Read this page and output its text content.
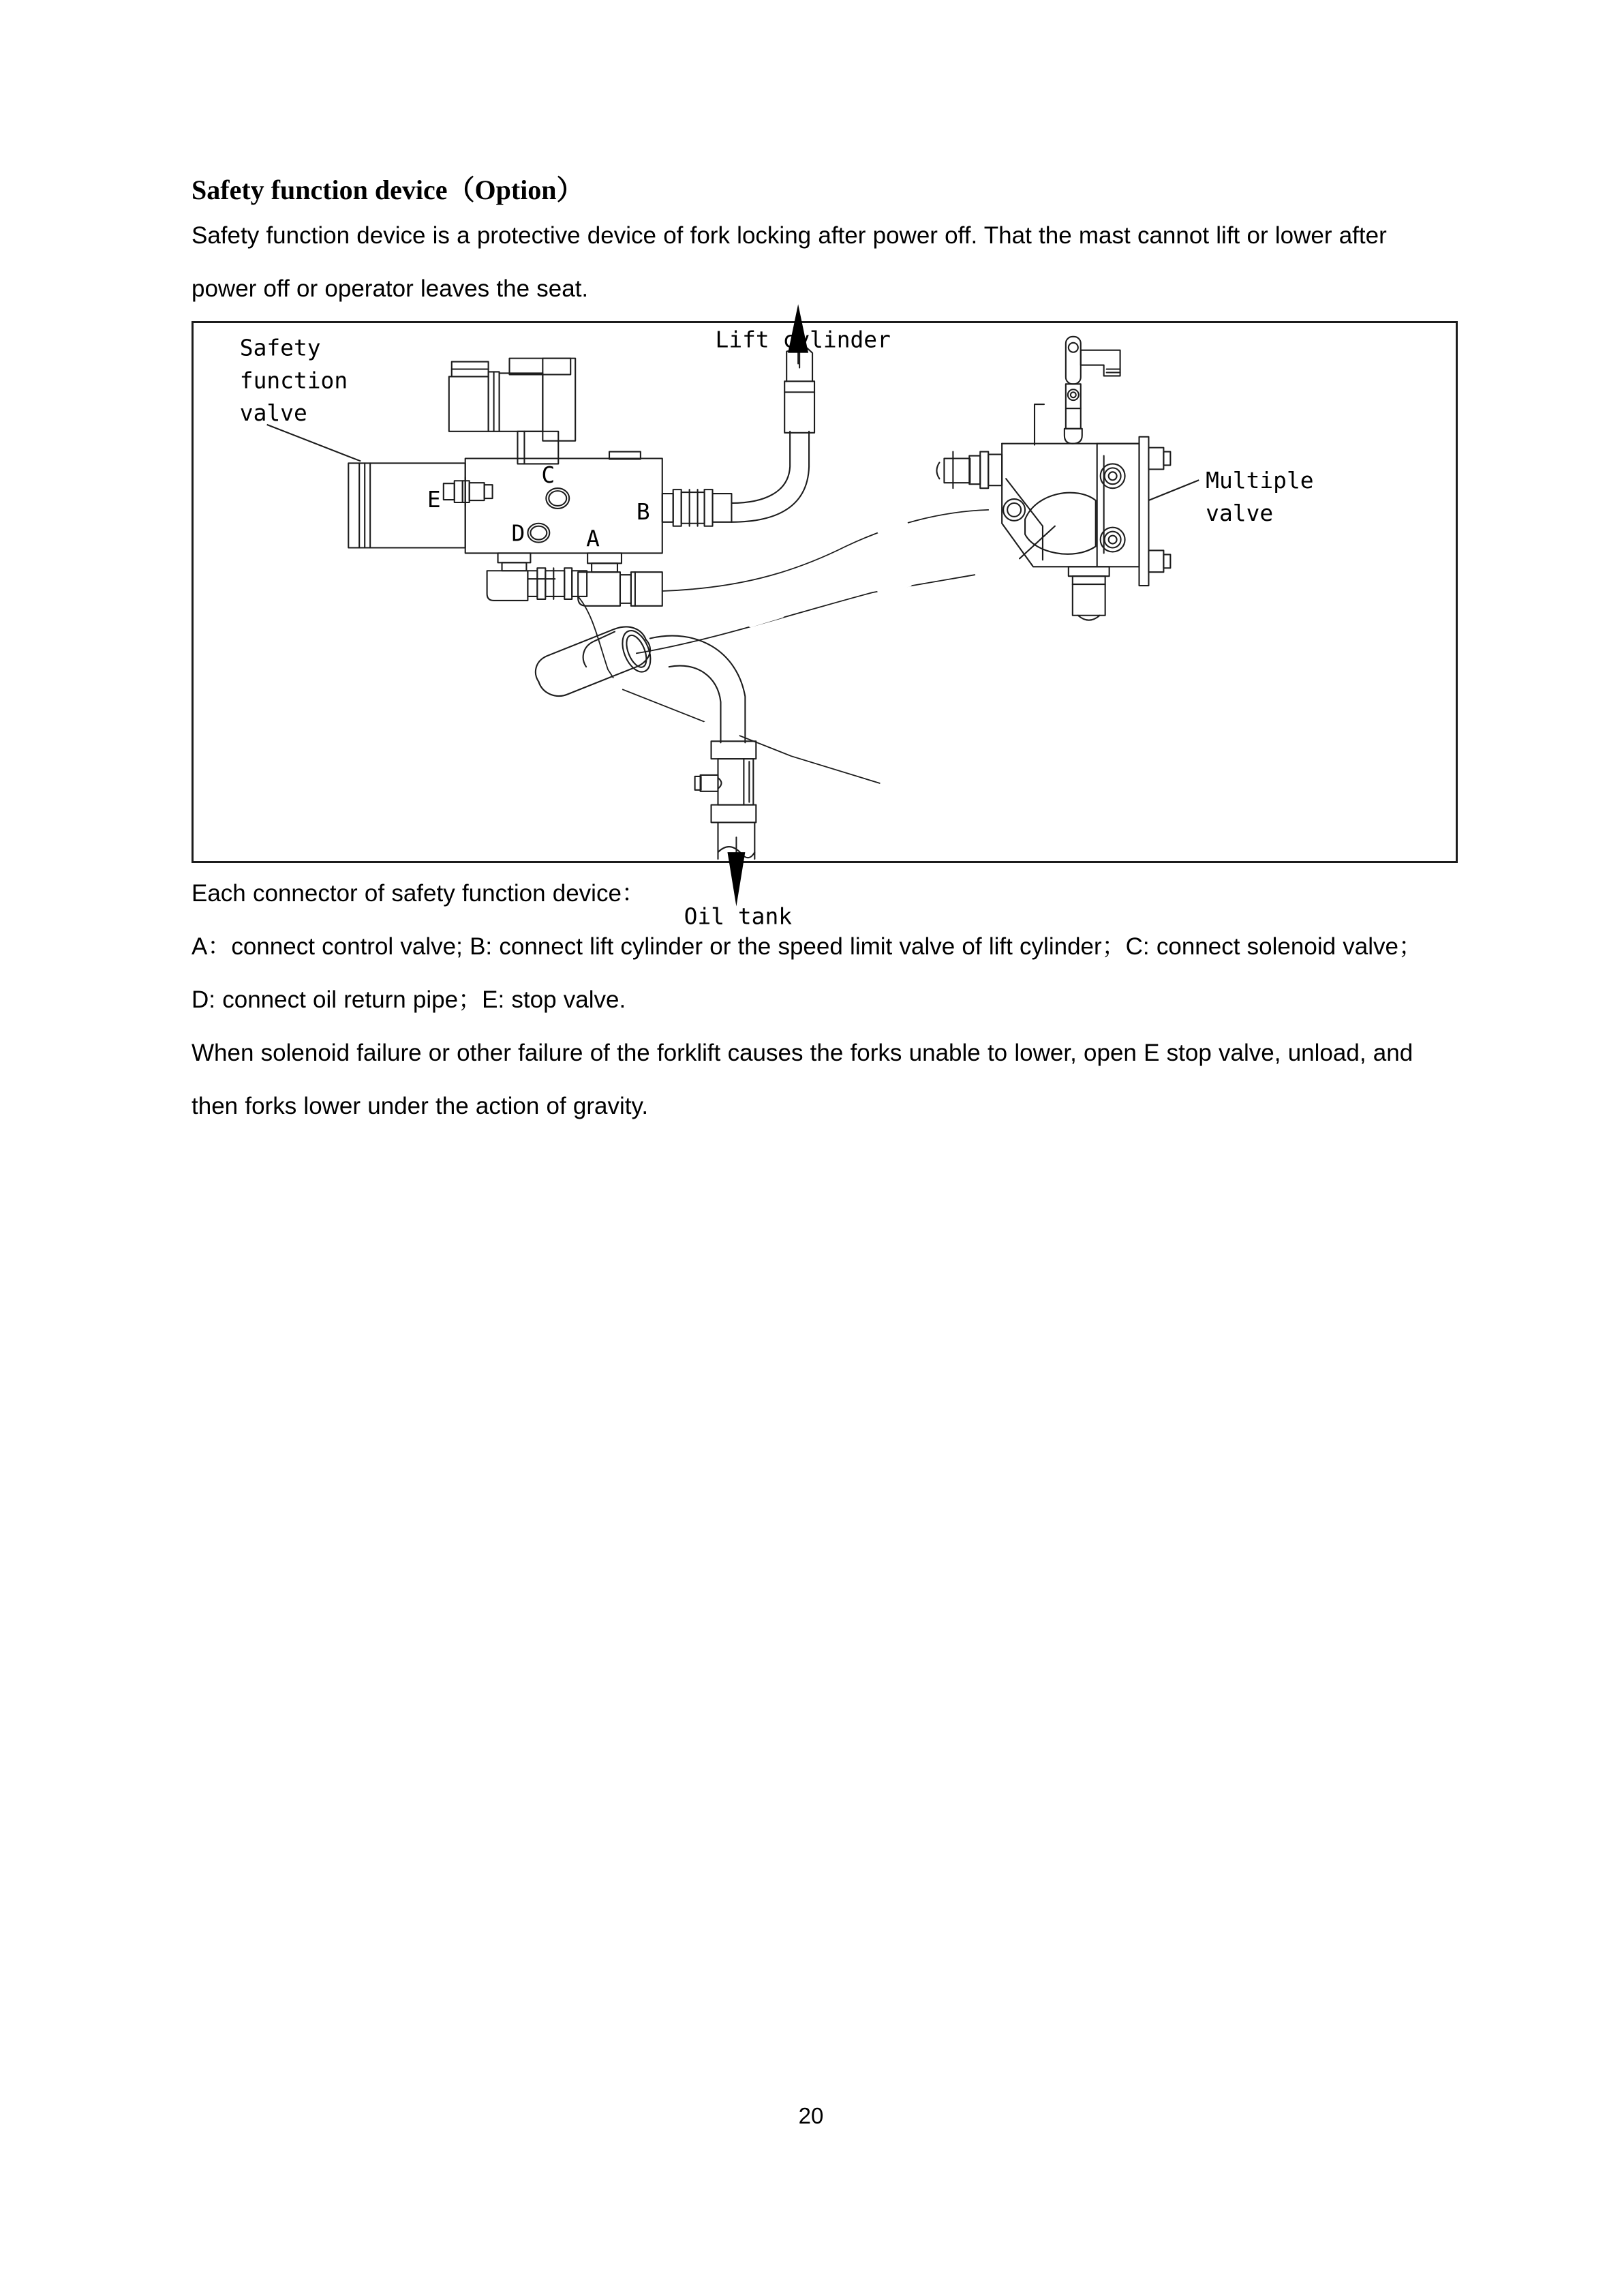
Safety function device（Option）

Safety function device is a protective device of fork locking after power off. That the mast cannot lift or lower after power off or operator leaves the seat.

Safety
function
valve
Lift cylinder
Multiple
valve
Oil tank
E
C
B
D	A

Each connector of safety function device：

A：connect control valve; B: connect lift cylinder or the speed limit valve of lift cylinder；C: connect solenoid valve；D: connect oil return pipe；E: stop valve.

When solenoid failure or other failure of the forklift causes the forks unable to lower, open E stop valve, unload, and then forks lower under the action of gravity.

20
